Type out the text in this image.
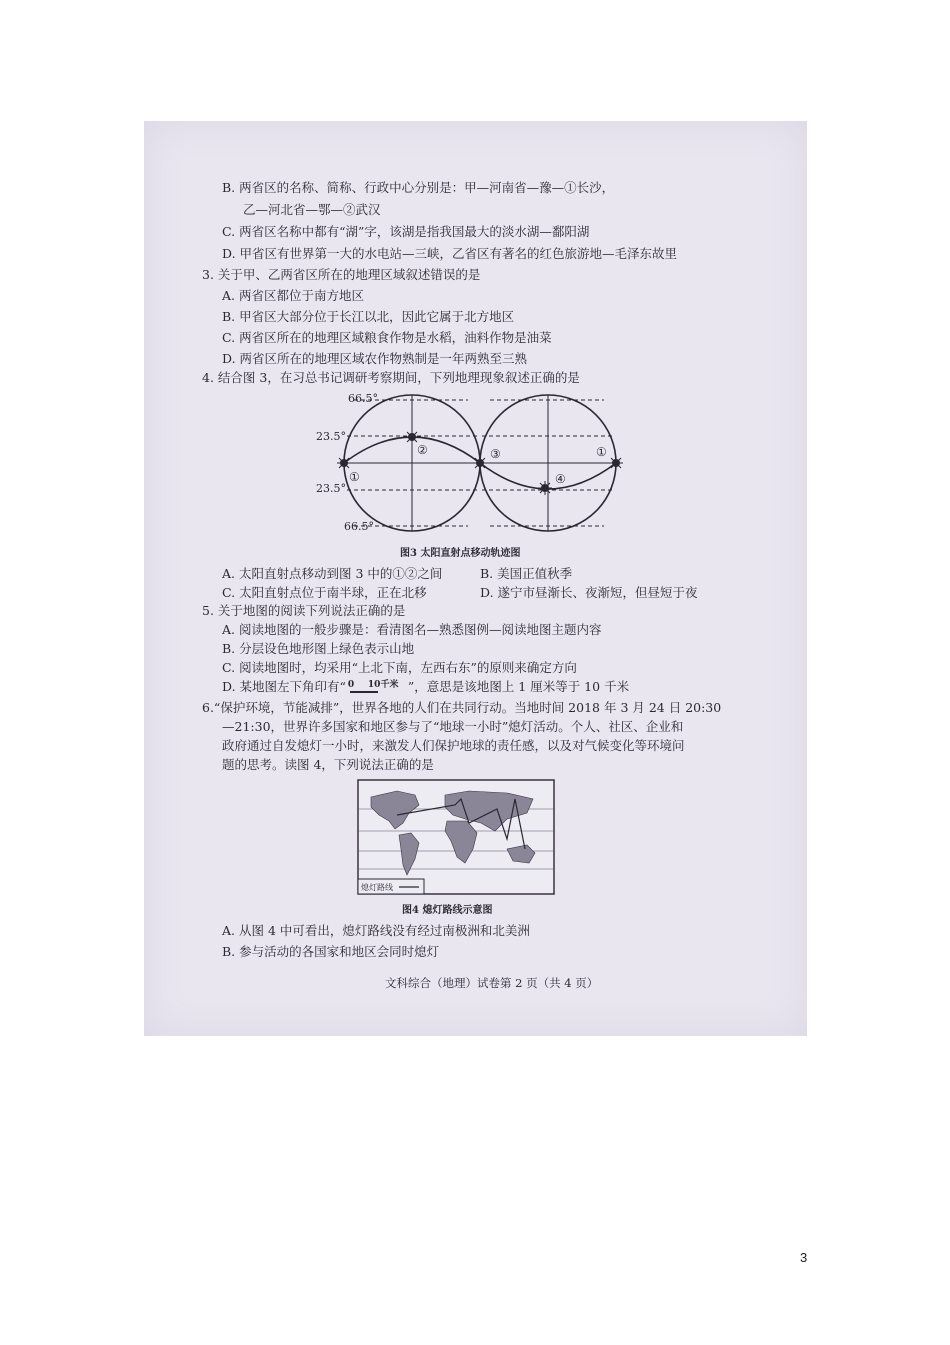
B. 两省区的名称、简称、行政中心分别是：甲—河南省—豫—①长沙，
乙—河北省—鄂—②武汉
C. 两省区名称中都有“湖”字，该湖是指我国最大的淡水湖—鄱阳湖
D. 甲省区有世界第一大的水电站—三峡，乙省区有著名的红色旅游地—毛泽东故里
3. 关于甲、乙两省区所在的地理区域叙述错误的是
A. 两省区都位于南方地区
B. 甲省区大部分位于长江以北，因此它属于北方地区
C. 两省区所在的地理区域粮食作物是水稻，油料作物是油菜
D. 两省区所在的地理区域农作物熟制是一年两熟至三熟
4. 结合图 3，在习总书记调研考察期间，下列地理现象叙述正确的是
66.5°
23.5°
23.5°
66.5°
①
②	③
④
①
图3 太阳直射点移动轨迹图
A. 太阳直射点移动到图 3 中的①②之间	B. 美国正值秋季
C. 太阳直射点位于南半球，正在北移	D. 遂宁市昼渐长、夜渐短，但昼短于夜
5. 关于地图的阅读下列说法正确的是
A. 阅读地图的一般步骤是：看清图名—熟悉图例—阅读地图主题内容
B. 分层设色地形图上绿色表示山地
C. 阅读地图时，均采用“上北下南，左西右东”的原则来确定方向
D. 某地图左下角印有“ 0 10千米 ”，意思是该地图上 1 厘米等于 10 千米
6.“保护环境，节能减排”，世界各地的人们在共同行动。当地时间 2018 年 3 月 24 日 20:30
—21:30，世界许多国家和地区参与了“地球一小时”熄灯活动。个人、社区、企业和
政府通过自发熄灯一小时，来激发人们保护地球的责任感，以及对气候变化等环境问
题的思考。读图 4，下列说法正确的是
熄灯路线
图4 熄灯路线示意图
A. 从图 4 中可看出，熄灯路线没有经过南极洲和北美洲
B. 参与活动的各国家和地区会同时熄灯
文科综合（地理）试卷第 2 页（共 4 页）
3
